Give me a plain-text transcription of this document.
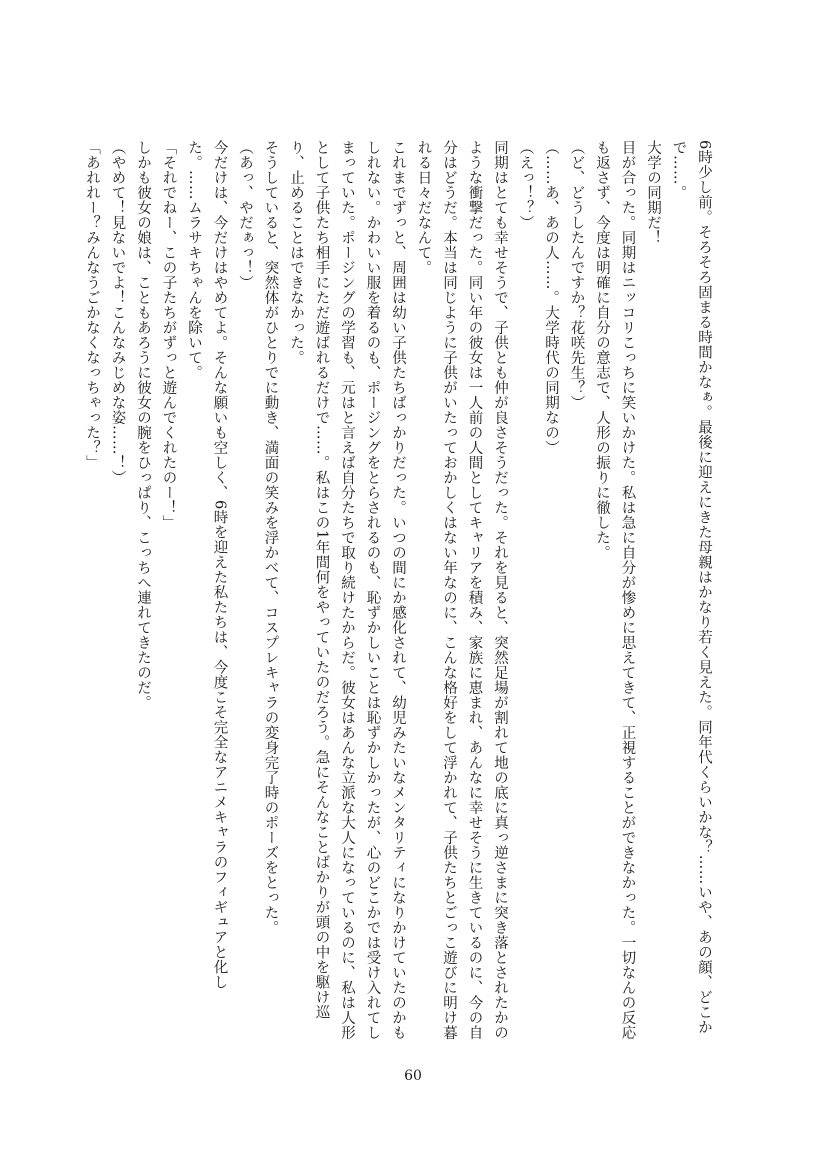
6時少し前。そろそろ固まる時間かなぁ。最後に迎えにきた母親はかなり若く見えた。同年代くらいかな？……いや、あの顔、どこかで……。

大学の同期だ！

目が合った。同期はニッコリこっちに笑いかけた。私は急に自分が惨めに思えてきて、正視することができなかった。一切なんの反応も返さず、今度は明確に自分の意志で、人形の振りに徹した。

（ど、どうしたんですか？花咲先生？）

（……あ、あの人……。大学時代の同期なの）

（えっ！？）

同期はとても幸せそうで、子供とも仲が良さそうだった。それを見ると、突然足場が割れて地の底に真っ逆さまに突き落とされたかのような衝撃だった。同い年の彼女は一人前の人間としてキャリアを積み、家族に恵まれ、あんなに幸せそうに生きているのに、今の自分はどうだ。本当は同じように子供がいたっておかしくはない年なのに、こんな格好をして浮かれて、子供たちとごっこ遊びに明け暮れる日々だなんて。

これまでずっと、周囲は幼い子供たちばっかりだった。いつの間にか感化されて、幼児みたいなメンタリティになりかけていたのかもしれない。かわいい服を着るのも、ポージングをとらされるのも、恥ずかしいことは恥ずかしかったが、心のどこかでは受け入れてしまっていた。ポージングの学習も、元はと言えば自分たちで取り続けたからだ。彼女はあんな立派な大人になっているのに、私は人形として子供たち相手にただ遊ばれるだけで……。私はこの1年間何をやっていたのだろう。急にそんなことばかりが頭の中を駆け巡り、止めることはできなかった。

そうしていると、突然体がひとりでに動き、満面の笑みを浮かべて、コスプレキャラの変身完了時のポーズをとった。

（あっ、やだぁっ！）

今だけは、今だけはやめてよ。そんな願いも空しく、6時を迎えた私たちは、今度こそ完全なアニメキャラのフィギュアと化した。……ムラサキちゃんを除いて。

「それでねー、この子たちがずっと遊んでくれたのー！」

しかも彼女の娘は、こともあろうに彼女の腕をひっぱり、こっちへ連れてきたのだ。

（やめて！見ないでよ！こんなみじめな姿……！）

「あれれー？みんなうごかなくなっちゃった？」

60
